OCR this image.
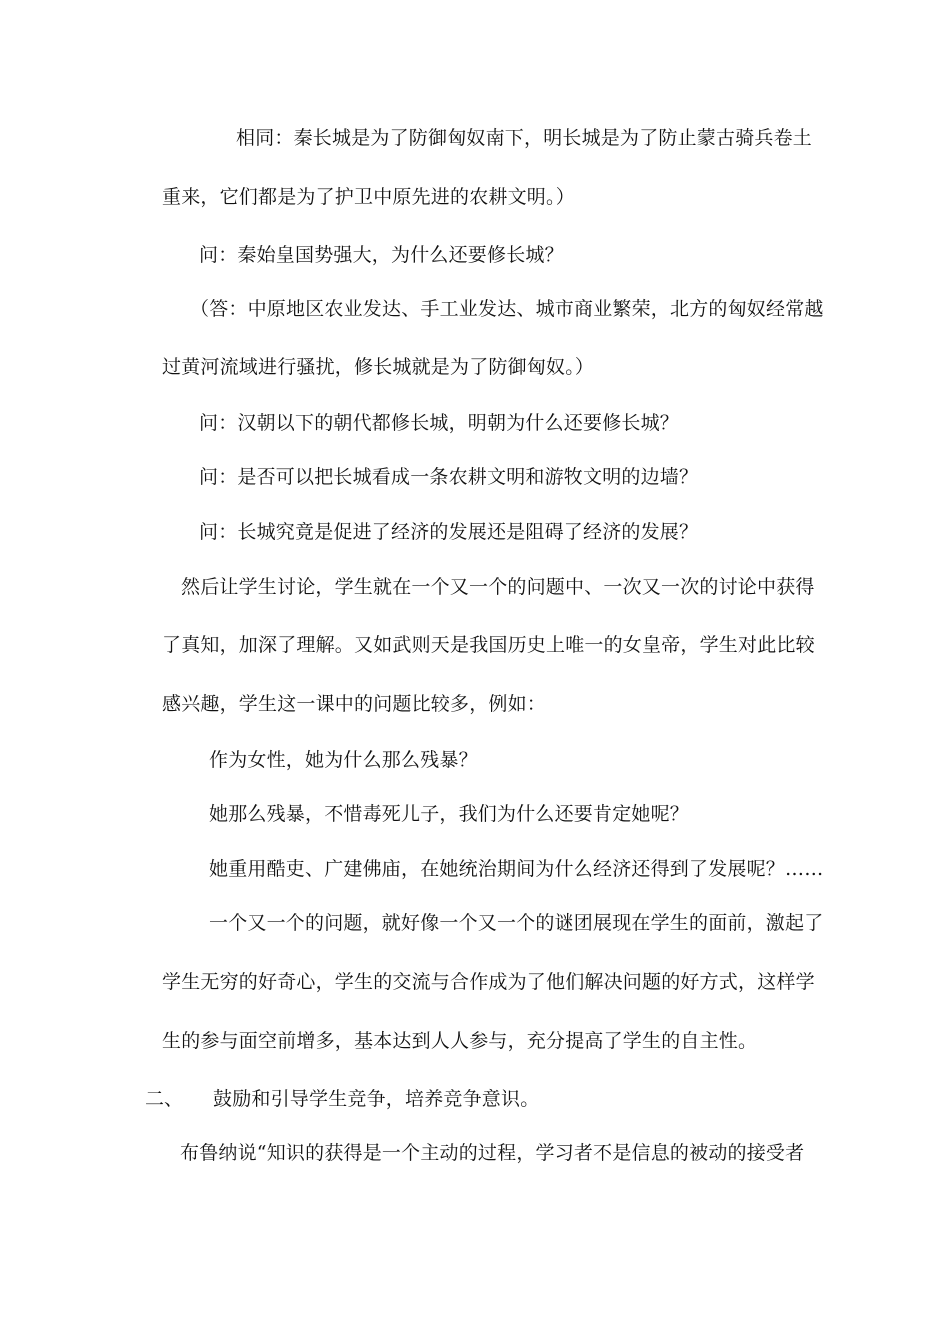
相同：秦长城是为了防御匈奴南下，明长城是为了防止蒙古骑兵卷土
重来，它们都是为了护卫中原先进的农耕文明。）
问：秦始皇国势强大，为什么还要修长城？
（答：中原地区农业发达、手工业发达、城市商业繁荣，北方的匈奴经常越
过黄河流域进行骚扰，修长城就是为了防御匈奴。）
问：汉朝以下的朝代都修长城，明朝为什么还要修长城？
问：是否可以把长城看成一条农耕文明和游牧文明的边墙？
问：长城究竟是促进了经济的发展还是阻碍了经济的发展？
然后让学生讨论，学生就在一个又一个的问题中、一次又一次的讨论中获得
了真知，加深了理解。又如武则天是我国历史上唯一的女皇帝，学生对此比较
感兴趣，学生这一课中的问题比较多，例如：
作为女性，她为什么那么残暴？
她那么残暴，不惜毒死儿子，我们为什么还要肯定她呢？
她重用酷吏、广建佛庙，在她统治期间为什么经济还得到了发展呢？……
一个又一个的问题，就好像一个又一个的谜团展现在学生的面前，激起了
学生无穷的好奇心，学生的交流与合作成为了他们解决问题的好方式，这样学
生的参与面空前增多，基本达到人人参与，充分提高了学生的自主性。
二、 鼓励和引导学生竞争，培养竞争意识。
布鲁纳说“知识的获得是一个主动的过程，学习者不是信息的被动的接受者
